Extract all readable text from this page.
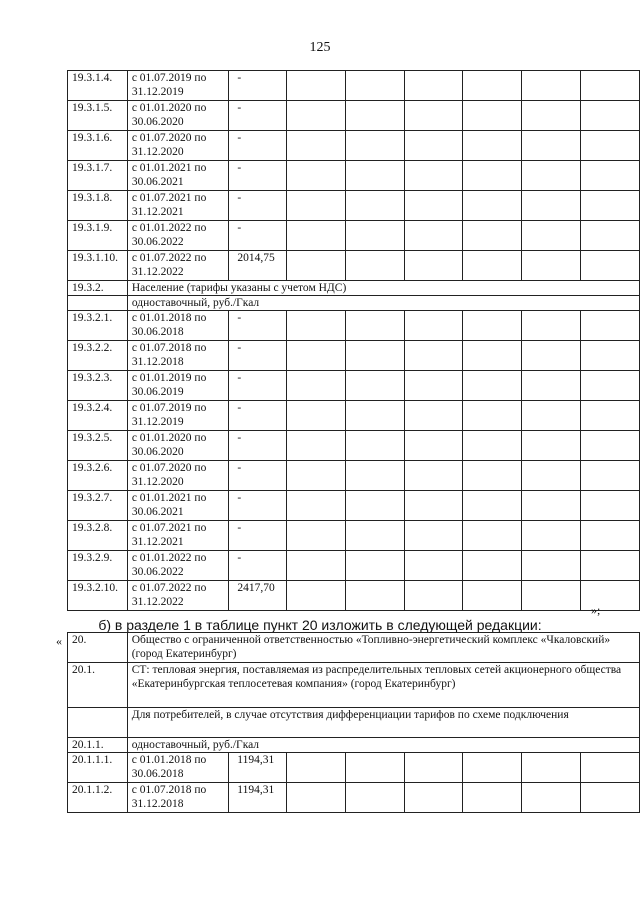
125
19.3.1.4.	с 01.07.2019 по
31.12.2019	-						
19.3.1.5.	с 01.01.2020 по
30.06.2020	-						
19.3.1.6.	с 01.07.2020 по
31.12.2020	-						
19.3.1.7.	с 01.01.2021 по
30.06.2021	-						
19.3.1.8.	с 01.07.2021 по
31.12.2021	-						
19.3.1.9.	с 01.01.2022 по
30.06.2022	-						
19.3.1.10.	с 01.07.2022 по
31.12.2022	2014,75						
19.3.2.	Население (тарифы указаны с учетом НДС)							
	одноставочный, руб./Гкал							
19.3.2.1.	с 01.01.2018 по
30.06.2018	-						
19.3.2.2.	с 01.07.2018 по
31.12.2018	-						
19.3.2.3.	с 01.01.2019 по
30.06.2019	-						
19.3.2.4.	с 01.07.2019 по
31.12.2019	-						
19.3.2.5.	с 01.01.2020 по
30.06.2020	-						
19.3.2.6.	с 01.07.2020 по
31.12.2020	-						
19.3.2.7.	с 01.01.2021 по
30.06.2021	-						
19.3.2.8.	с 01.07.2021 по
31.12.2021	-						
19.3.2.9.	с 01.01.2022 по
30.06.2022	-						
19.3.2.10.	с 01.07.2022 по
31.12.2022	2417,70						
»;
б) в разделе 1 в таблице пункт 20 изложить в следующей редакции:
« 20.	Общество с ограниченной ответственностью «Топливно-энергетический комплекс «Чкаловский» (город Екатеринбург)							
20.1.	СТ: тепловая энергия, поставляемая из распределительных тепловых сетей акционерного общества «Екатеринбургская теплосетевая компания» (город Екатеринбург)							
	Для потребителей, в случае отсутствия дифференциации тарифов по схеме подключения							
20.1.1.	одноставочный, руб./Гкал							
20.1.1.1.	с 01.01.2018 по
30.06.2018	1194,31						
20.1.1.2.	с 01.07.2018 по
31.12.2018	1194,31						
